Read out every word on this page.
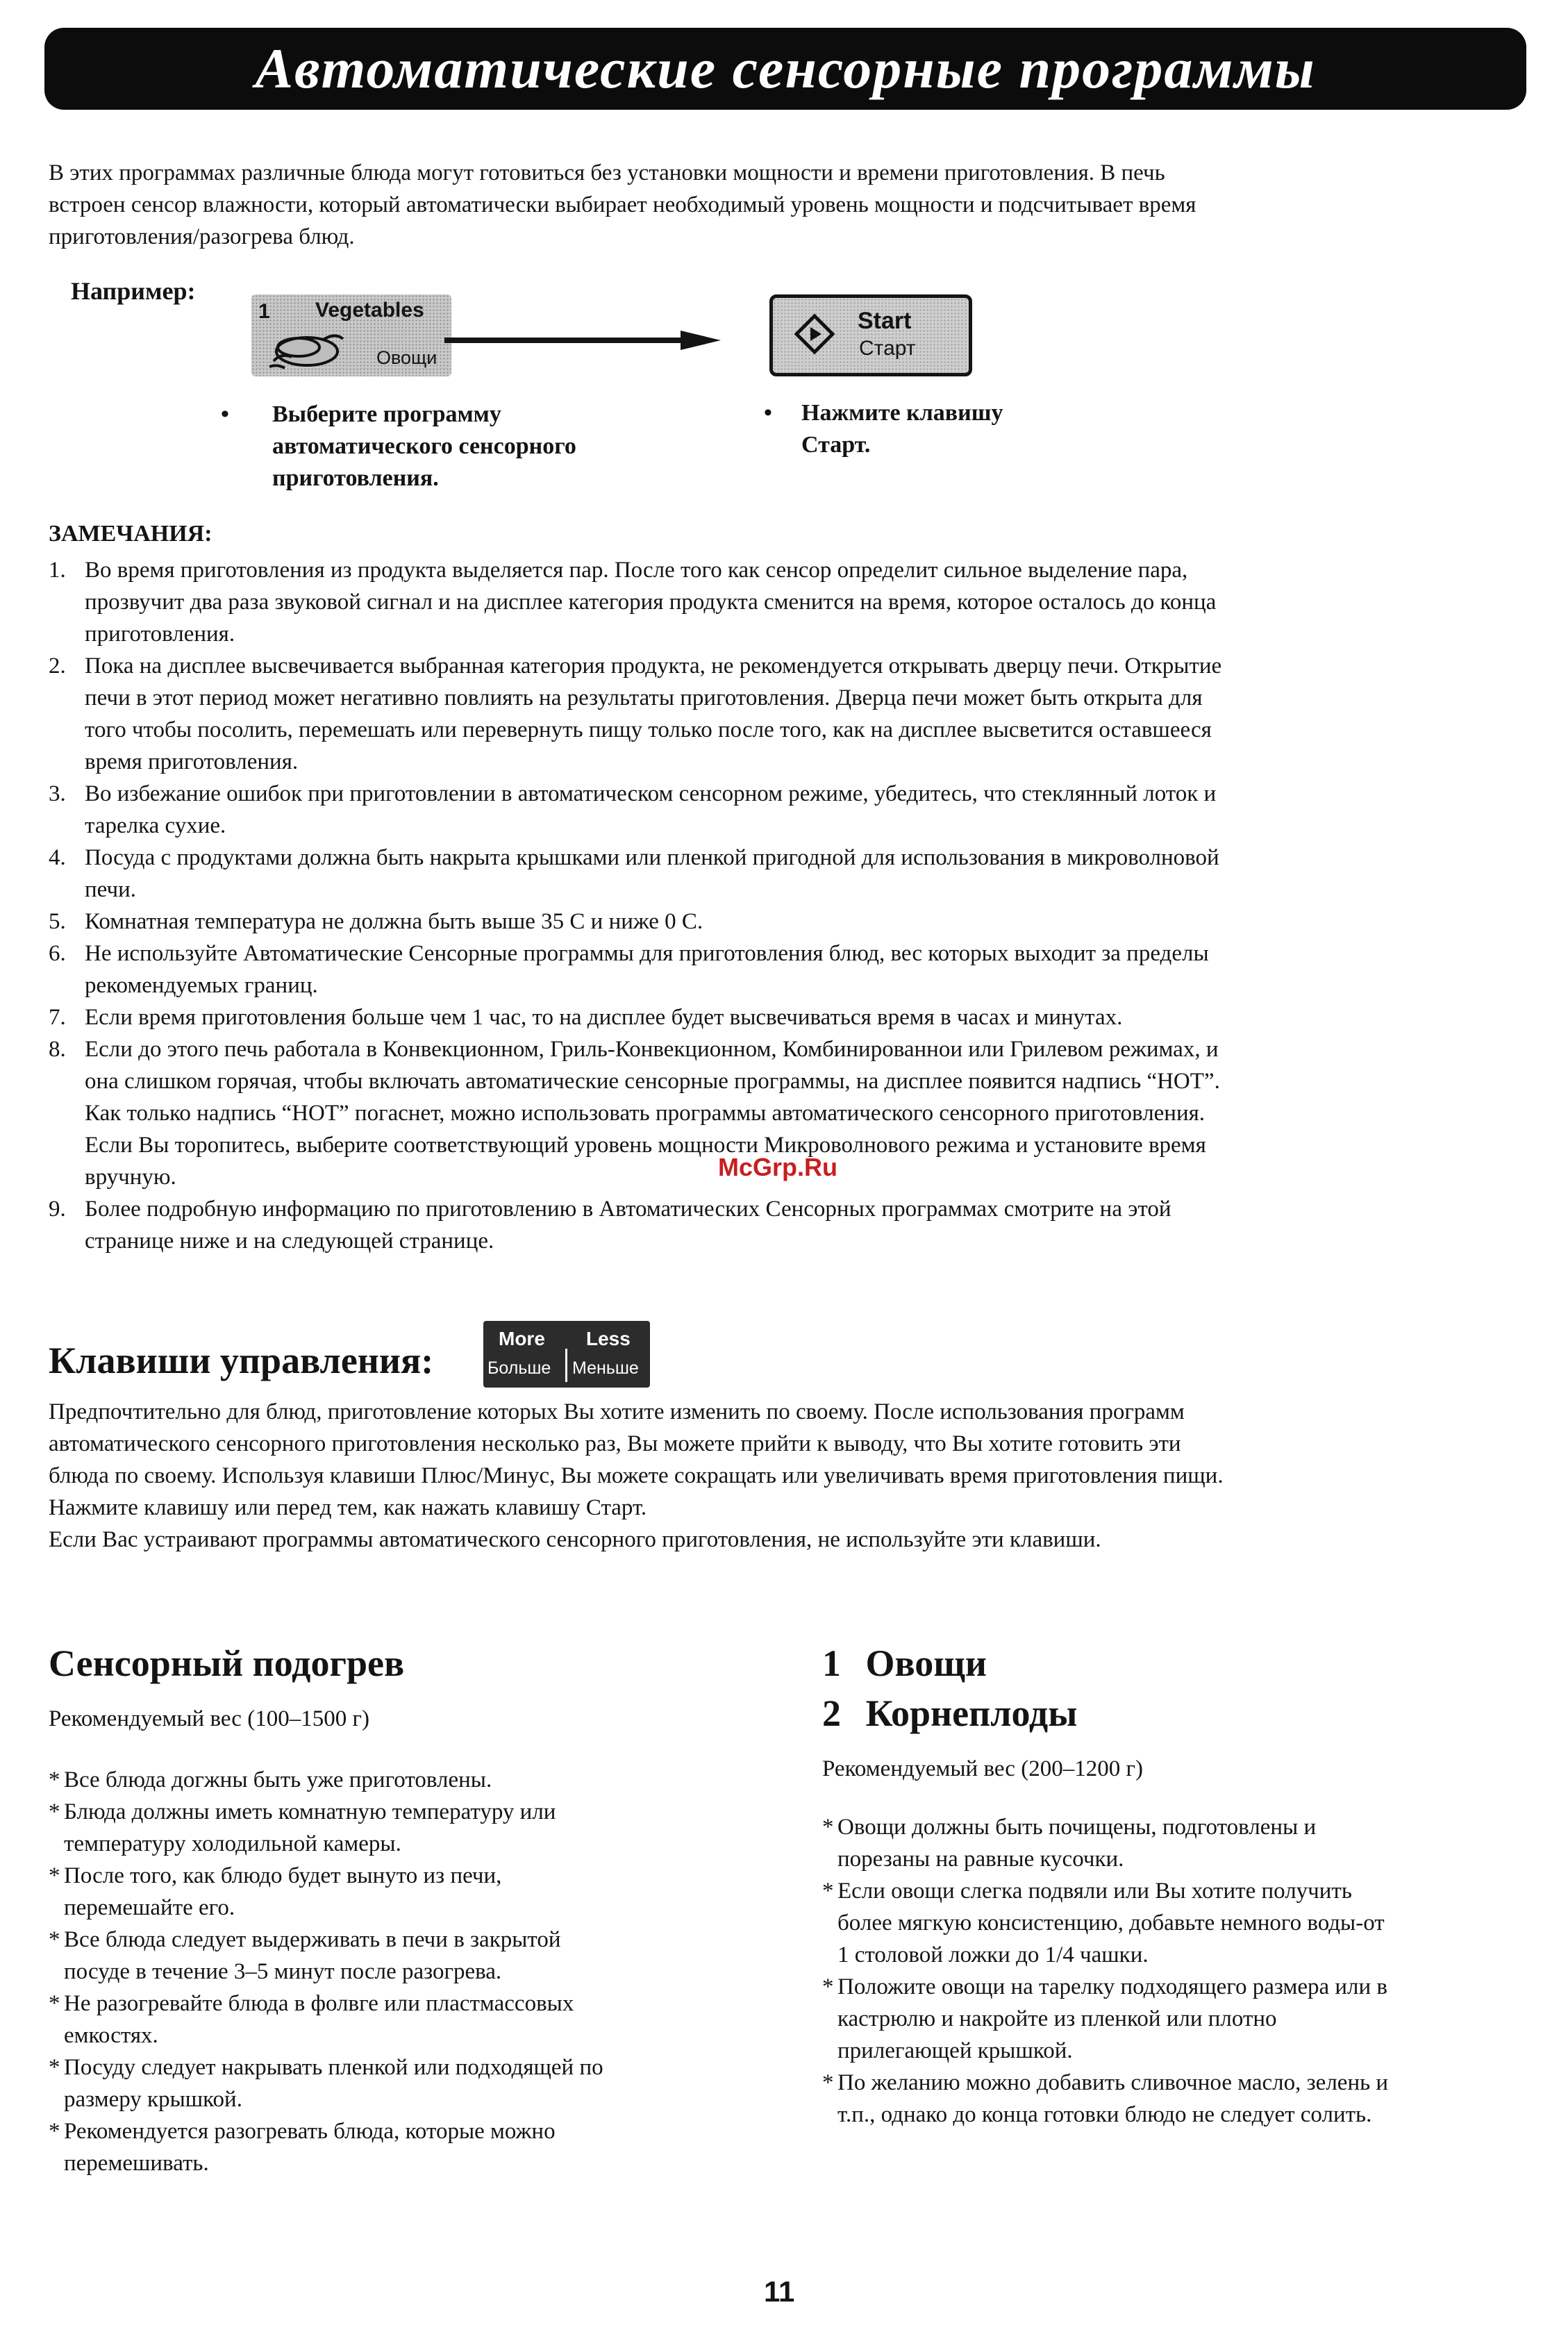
Автоматические сенсорные программы
В этих программах различные блюда могут готовиться без установки мощности и времени приготовления. В печь
встроен сенсор влажности, который автоматически выбирает необходимый уровень мощности и подсчитывает время
приготовления/разогрева блюд.
Например:
1 Vegetables
Овощи
Start
Старт
• Выберите программу
автоматического сенсорного
приготовления.
• Нажмите клавишу
Старт.
ЗАМЕЧАНИЯ:
1. Во время приготовления из продукта выделяется пар. После того как сенсор определит сильное выделение пара,
прозвучит два раза звуковой сигнал и на дисплее категория продукта сменится на время, которое осталось до конца
приготовления.
2. Пока на дисплее высвечивается выбранная категория продукта, не рекомендуется открывать дверцу печи. Открытие
печи в этот период может негативно повлиять на результаты приготовления. Дверца печи может быть открыта для
того чтобы посолить, перемешать или перевернуть пищу только после того, как на дисплее высветится оставшееся
время приготовления.
3. Во избежание ошибок при приготовлении в автоматическом сенсорном режиме, убедитесь, что стеклянный лоток и
тарелка сухие.
4. Посуда с продуктами должна быть накрыта крышками или пленкой пригодной для использования в микроволновой
печи.
5. Комнатная температура не должна быть выше 35 С и ниже 0 С.
6. Не используйте Автоматические Сенсорные программы для приготовления блюд, вес которых выходит за пределы
рекомендуемых границ.
7. Если время приготовления больше чем 1 час, то на дисплее будет высвечиваться время в часах и минутах.
8. Если до этого печь работала в Конвекционном, Гриль-Конвекционном, Комбинированнои или Грилевом режимах, и
она слишком горячая, чтобы включать автоматические сенсорные программы, на дисплее появится надпись “HOT”.
Как только надпись “HOT” погаснет, можно использовать программы автоматического сенсорного приготовления.
Если Вы торопитесь, выберите соответствующий уровень мощности Микроволнового режима и установите время
вручную.
9. Более подробную информацию по приготовлению в Автоматических Сенсорных программах смотрите на этой
странице ниже и на следующей странице.
McGrp.Ru
Клавиши управления:
More Less
Больше Меньше
Предпочтительно для блюд, приготовление которых Вы хотите изменить по своему. После использования программ
автоматического сенсорного приготовления несколько раз, Вы можете прийти к выводу, что Вы хотите готовить эти
блюда по своему. Используя клавиши Плюс/Минус, Вы можете сокращать или увеличивать время приготовления пищи.
Нажмите клавишу или перед тем, как нажать клавишу Старт.
Если Вас устраивают программы автоматического сенсорного приготовления, не используйте эти клавиши.
Сенсорный подогрев
Рекомендуемый вес (100–1500 г)
* Все блюда догжны быть уже приготовлены.
* Блюда должны иметь комнатную температуру или
температуру холодильной камеры.
* После того, как блюдо будет вынуто из печи,
перемешайте его.
* Все блюда следует выдерживать в печи в закрытой
посуде в течение 3–5 минут после разогрева.
* Не разогревайте блюда в фолвге или пластмассовых
емкостях.
* Посуду следует накрывать пленкой или подходящей по
размеру крышкой.
* Рекомендуется разогревать блюда, которые можно
перемешивать.
1 Овощи
2 Корнеплоды
Рекомендуемый вес (200–1200 г)
* Овощи должны быть почищены, подготовлены и
порезаны на равные кусочки.
* Если овощи слегка подвяли или Вы хотите получить
более мягкую консистенцию, добавьте немного воды-от
1 столовой ложки до 1/4 чашки.
* Положите овощи на тарелку подходящего размера или в
кастрюлю и накройте из пленкой или плотно
прилегающей крышкой.
* По желанию можно добавить сливочное масло, зелень и
т.п., однако до конца готовки блюдо не следует солить.
11
